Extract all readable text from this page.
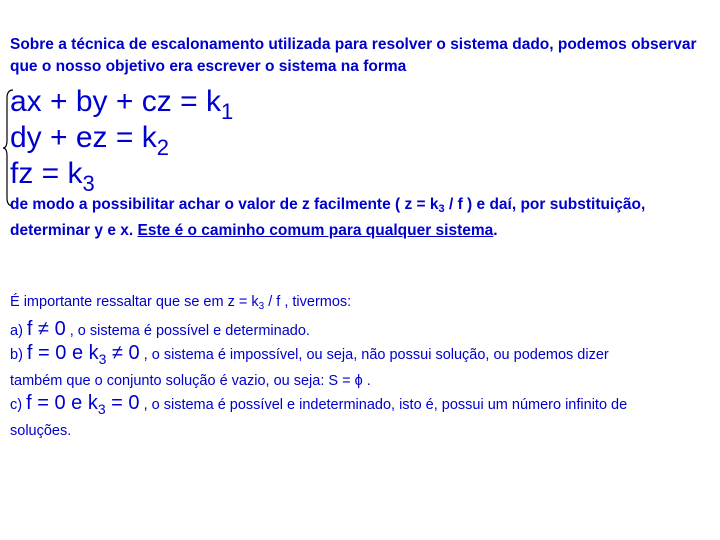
Sobre a técnica de escalonamento utilizada para resolver o sistema dado, podemos observar que o nosso objetivo era escrever o sistema na forma
ax + by + cz = $k_1$
dy + ez = $k_2$
fz = $k_3$
de modo a possibilitar achar o valor de z facilmente ( $z = k_3 / f$ ) e daí, por substituição, determinar y e x. Este é o caminho comum para qualquer sistema.
É importante ressaltar que se em $z = k_3 / f$ , tivermos:
a) f ≠ 0 , o sistema é possível e determinado.
b) f = 0 e $k_3 \ne 0$ , o sistema é impossível, ou seja, não possui solução, ou podemos dizer
também que o conjunto solução é vazio, ou seja: S = ϕ .
c) f = 0 e $k_3 = 0$ , o sistema é possível e indeterminado, isto é, possui um número infinito de
soluções.
